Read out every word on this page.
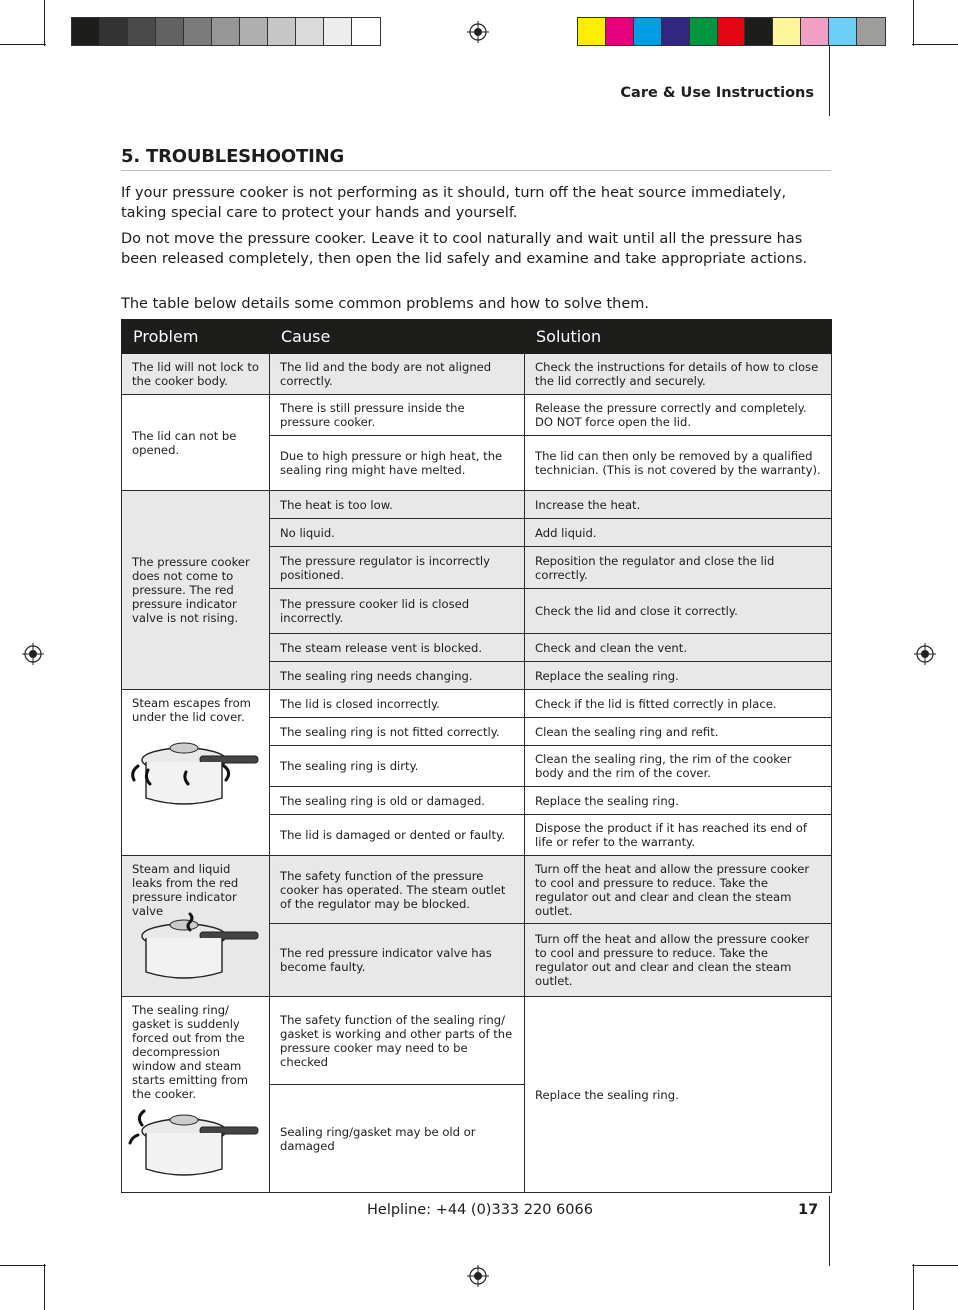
Care & Use Instructions
5. TROUBLESHOOTING
If your pressure cooker is not performing as it should, turn off the heat source immediately, taking special care to protect your hands and yourself.
Do not move the pressure cooker. Leave it to cool naturally and wait until all the pressure has been released completely, then open the lid safely and examine and take appropriate actions.
The table below details some common problems and how to solve them.
Problem	Cause	Solution
The lid will not lock to the cooker body.	The lid and the body are not aligned correctly.	Check the instructions for details of how to close the lid correctly and securely.
The lid can not be opened.	There is still pressure inside the pressure cooker.	Release the pressure correctly and completely. DO NOT force open the lid.
	Due to high pressure or high heat, the sealing ring might have melted.	The lid can then only be removed by a qualified technician. (This is not covered by the warranty).
The pressure cooker does not come to pressure. The red pressure indicator valve is not rising.	The heat is too low.	Increase the heat.
	No liquid.	Add liquid.
	The pressure regulator is incorrectly positioned.	Reposition the regulator and close the lid correctly.
	The pressure cooker lid is closed incorrectly.	Check the lid and close it correctly.
	The steam release vent is blocked.	Check and clean the vent.
	The sealing ring needs changing.	Replace the sealing ring.

Steam escapes from under the lid cover.	The lid is closed incorrectly.	Check if the lid is fitted correctly in place.
	The sealing ring is not fitted correctly.	Clean the sealing ring and refit.
	The sealing ring is dirty.	Clean the sealing ring, the rim of the cooker body and the rim of the cover.
	The sealing ring is old or damaged.	Replace the sealing ring.
	The lid is damaged or dented or faulty.	Dispose the product if it has reached its end of life or refer to the warranty.

Steam and liquid leaks from the red pressure indicator valve	The safety function of the pressure cooker has operated. The steam outlet of the regulator may be blocked.	Turn off the heat and allow the pressure cooker to cool and pressure to reduce. Take the regulator out and clear and clean the steam outlet.
	The red pressure indicator valve has become faulty.	Turn off the heat and allow the pressure cooker to cool and pressure to reduce. Take the regulator out and clear and clean the steam outlet.

The sealing ring/ gasket is suddenly forced out from the decompression window and steam starts emitting from the cooker.	The safety function of the sealing ring/ gasket is working and other parts of the pressure cooker may need to be checked	Replace the sealing ring.
	Sealing ring/gasket may be old or damaged	
Helpline: +44 (0)333 220 6066	17
